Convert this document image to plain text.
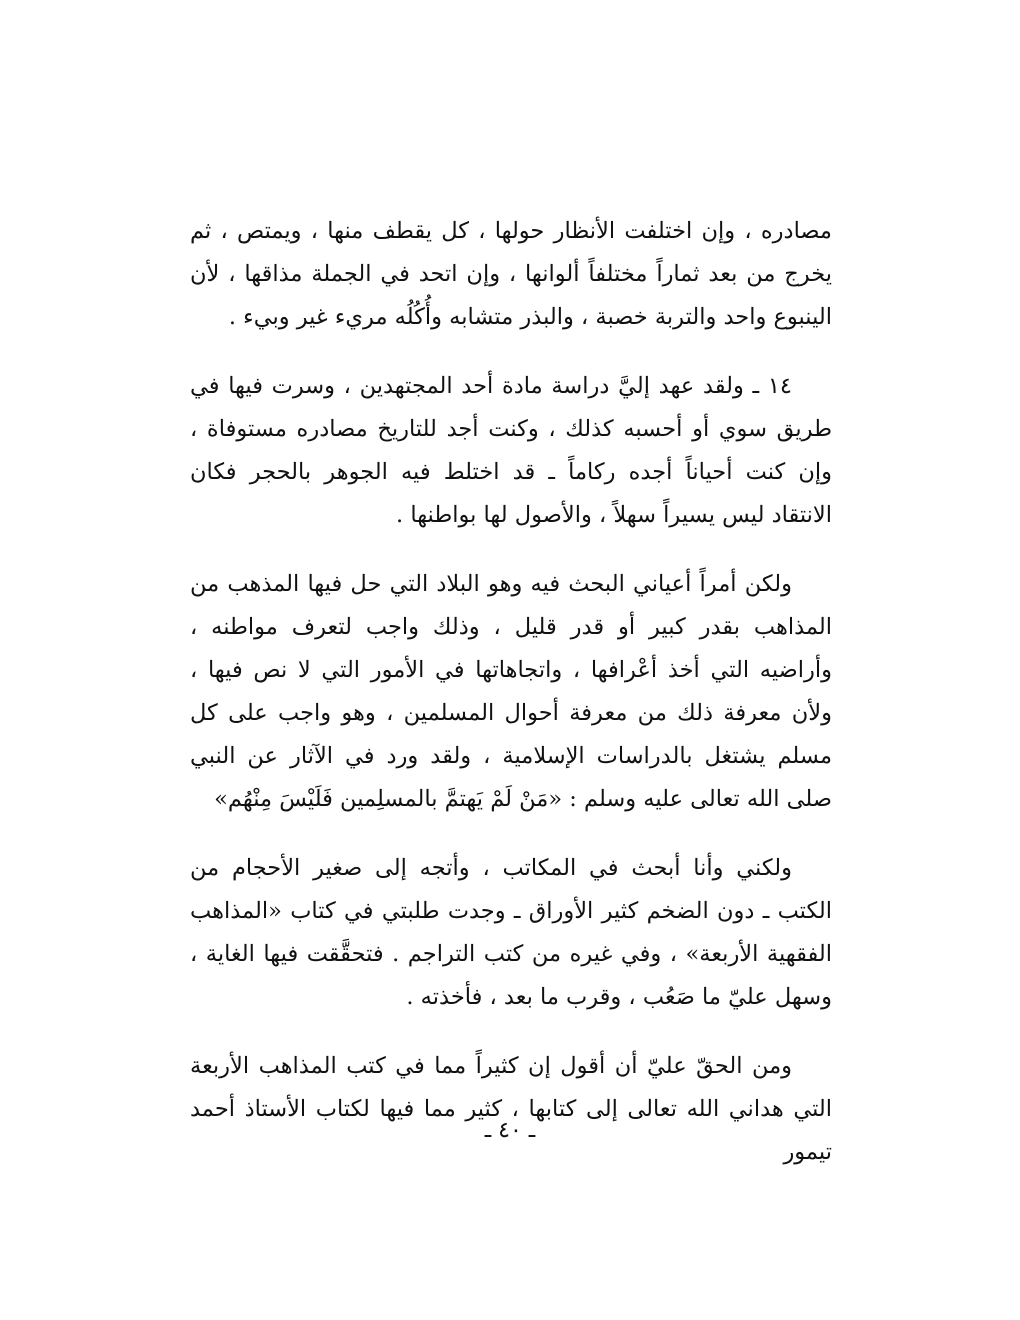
مصادره ، وإن اختلفت الأنظار حولها ، كل يقطف منها ، ويمتص ، ثم يخرج من بعد ثماراً مختلفاً ألوانها ، وإن اتحد في الجملة مذاقها ، لأن الينبوع واحد والتربة خصبة ، والبذر متشابه وأُكُلُه مريء غير وبيء .

١٤ ـ ولقد عهد إليَّ دراسة مادة أحد المجتهدين ، وسرت فيها في طريق سوي أو أحسبه كذلك ، وكنت أجد للتاريخ مصادره مستوفاة ، وإن كنت أحياناً أجده ركاماً ـ قد اختلط فيه الجوهر بالحجر فكان الانتقاد ليس يسيراً سهلاً ، والأصول لها بواطنها .

ولكن أمراً أعياني البحث فيه وهو البلاد التي حل فيها المذهب من المذاهب بقدر كبير أو قدر قليل ، وذلك واجب لتعرف مواطنه ، وأراضيه التي أخذ أعْرافها ، واتجاهاتها في الأمور التي لا نص فيها ، ولأن معرفة ذلك من معرفة أحوال المسلمين ، وهو واجب على كل مسلم يشتغل بالدراسات الإسلامية ، ولقد ورد في الآثار عن النبي صلى الله تعالى عليه وسلم : «مَنْ لَمْ يَهتمَّ بالمسلِمين فَلَيْسَ مِنْهُم»

ولكني وأنا أبحث في المكاتب ، وأتجه إلى صغير الأحجام من الكتب ـ دون الضخم كثير الأوراق ـ وجدت طلبتي في كتاب «المذاهب الفقهية الأربعة» ، وفي غيره من كتب التراجم . فتحقَّقت فيها الغاية ، وسهل عليّ ما صَعُب ، وقرب ما بعد ، فأخذته .

ومن الحقّ عليّ أن أقول إن كثيراً مما في كتب المذاهب الأربعة التي هداني الله تعالى إلى كتابها ، كثير مما فيها لكتاب الأستاذ أحمد تيمور

ـ ٤٠ ـ
